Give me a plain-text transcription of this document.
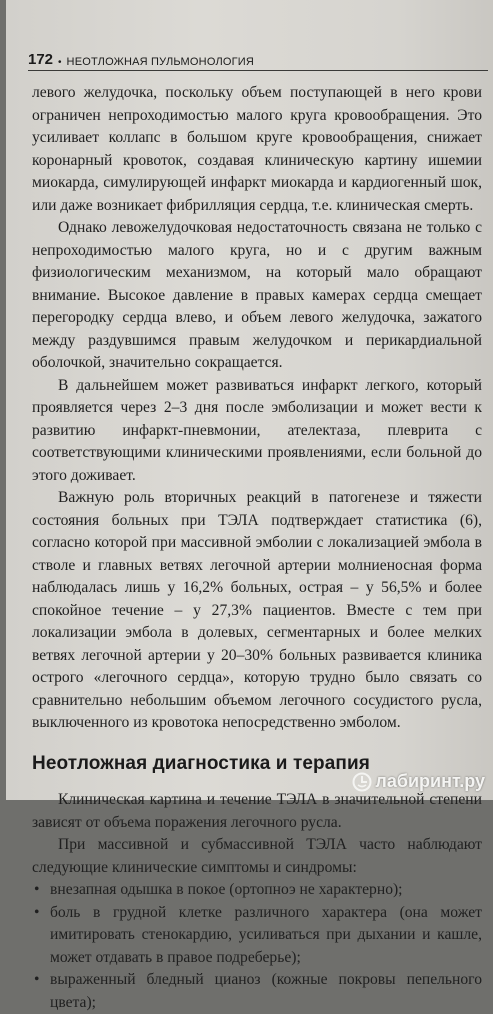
172 • НЕОТЛОЖНАЯ ПУЛЬМОНОЛОГИЯ

левого желудочка, поскольку объем поступающей в него крови ограничен непроходимостью малого круга кровообращения. Это усиливает коллапс в большом круге кровообращения, снижает коронарный кровоток, создавая клиническую картину ишемии миокарда, симулирующей инфаркт миокарда и кардиогенный шок, или даже возникает фибрилляция сердца, т.е. клиническая смерть.

Однако левожелудочковая недостаточность связана не только с непроходимостью малого круга, но и с другим важным физиологическим механизмом, на который мало обращают внимание. Высокое давление в правых камерах сердца смещает перегородку сердца влево, и объем левого желудочка, зажатого между раздувшимся правым желудочком и перикардиальной оболочкой, значительно сокращается.

В дальнейшем может развиваться инфаркт легкого, который проявляется через 2–3 дня после эмболизации и может вести к развитию инфаркт-пневмонии, ателектаза, плеврита с соответствующими клиническими проявлениями, если больной до этого доживает.

Важную роль вторичных реакций в патогенезе и тяжести состояния больных при ТЭЛА подтверждает статистика (6), согласно которой при массивной эмболии с локализацией эмбола в стволе и главных ветвях легочной артерии молниеносная форма наблюдалась лишь у 16,2% больных, острая – у 56,5% и более спокойное течение – у 27,3% пациентов. Вместе с тем при локализации эмбола в долевых, сегментарных и более мелких ветвях легочной артерии у 20–30% больных развивается клиника острого «легочного сердца», которую трудно было связать со сравнительно небольшим объемом легочного сосудистого русла, выключенного из кровотока непосредственно эмболом.

Неотложная диагностика и терапия

Клиническая картина и течение ТЭЛА в значительной степени зависят от объема поражения легочного русла.

При массивной и субмассивной ТЭЛА часто наблюдают следующие клинические симптомы и синдромы:

• внезапная одышка в покое (ортопноэ не характерно);
• боль в грудной клетке различного характера (она может имитировать стенокардию, усиливаться при дыхании и кашле, может отдавать в правое подреберье);
• выраженный бледный цианоз (кожные покровы пепельного цвета);
лабиринт.ру
